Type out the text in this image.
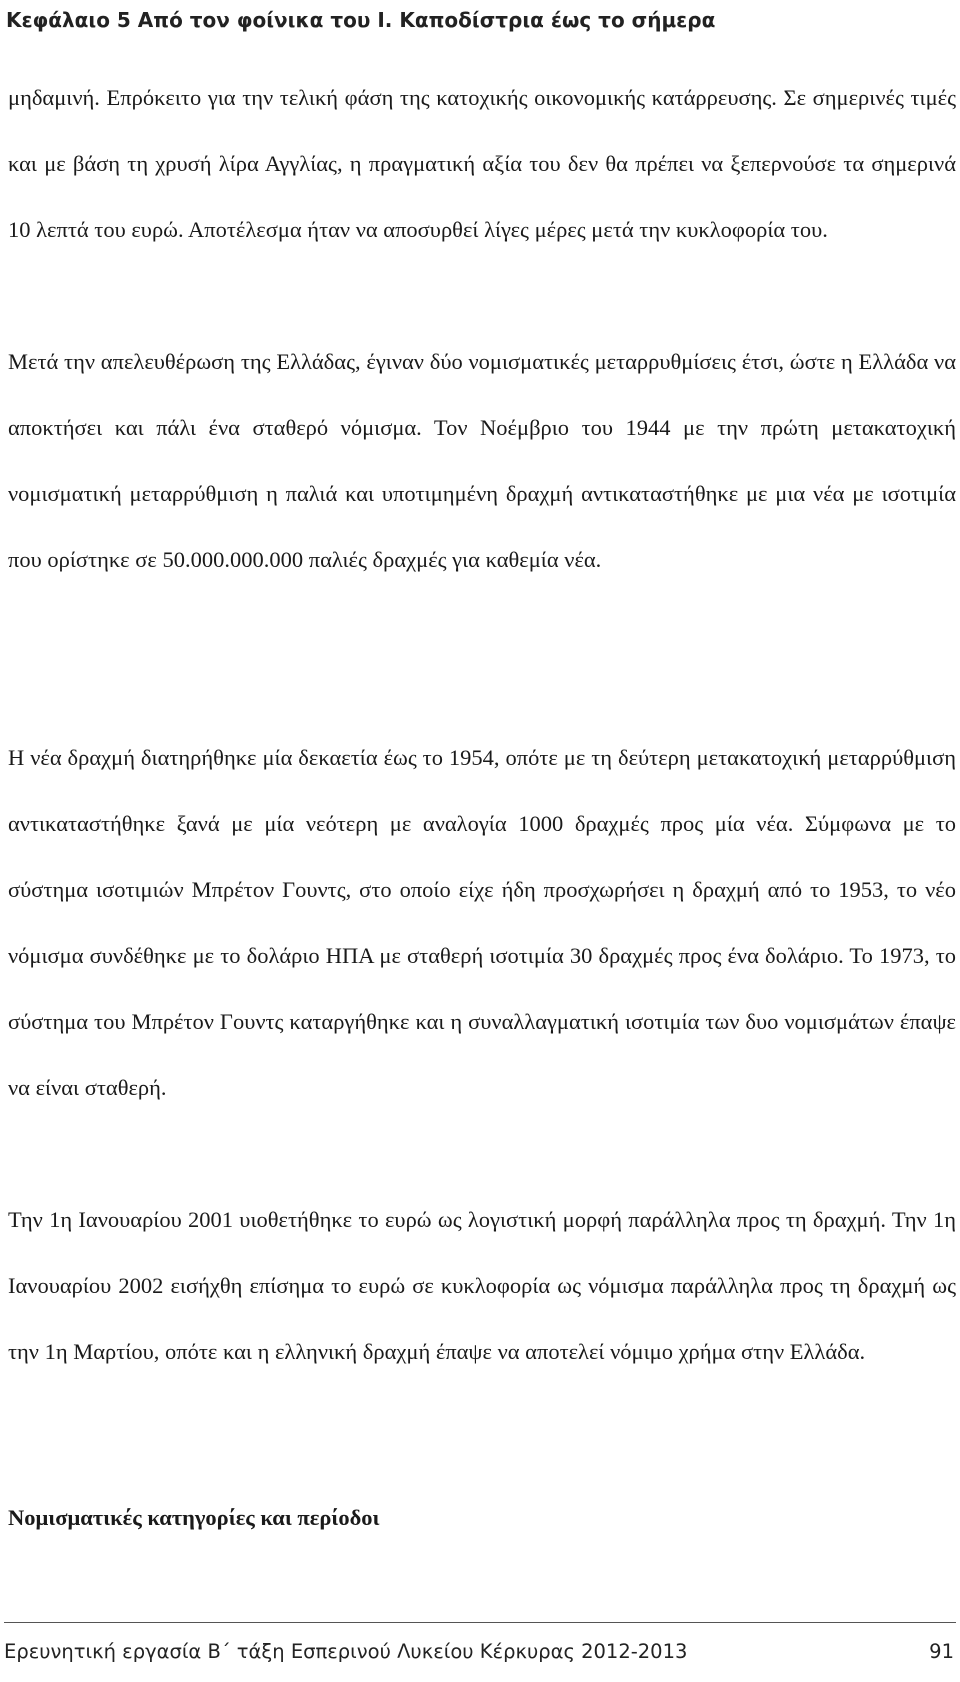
Κεφάλαιο 5 Από τον φοίνικα του Ι. Καποδίστρια έως το σήμερα

μηδαμινή. Επρόκειτο για την τελική φάση της κατοχικής οικονομικής κατάρρευσης. Σε σημερινές τιμές και με βάση τη χρυσή λίρα Αγγλίας, η πραγματική αξία του δεν θα πρέπει να ξεπερνούσε τα σημερινά 10 λεπτά του ευρώ. Αποτέλεσμα ήταν να αποσυρθεί λίγες μέρες μετά την κυκλοφορία του.

Μετά την απελευθέρωση της Ελλάδας, έγιναν δύο νομισματικές μεταρρυθμίσεις έτσι, ώστε η Ελλάδα να αποκτήσει και πάλι ένα σταθερό νόμισμα. Τον Νοέμβριο του 1944 με την πρώτη μετακατοχική νομισματική μεταρρύθμιση η παλιά και υποτιμημένη δραχμή αντικαταστήθηκε με μια νέα με ισοτιμία που ορίστηκε σε 50.000.000.000 παλιές δραχμές για καθεμία νέα.

Η νέα δραχμή διατηρήθηκε μία δεκαετία έως το 1954, οπότε με τη δεύτερη μετακατοχική μεταρρύθμιση αντικαταστήθηκε ξανά με μία νεότερη με αναλογία 1000 δραχμές προς μία νέα. Σύμφωνα με το σύστημα ισοτιμιών Μπρέτον Γουντς, στο οποίο είχε ήδη προσχωρήσει η δραχμή από το 1953, το νέο νόμισμα συνδέθηκε με το δολάριο ΗΠΑ με σταθερή ισοτιμία 30 δραχμές προς ένα δολάριο. Το 1973, το σύστημα του Μπρέτον Γουντς καταργήθηκε και η συναλλαγματική ισοτιμία των δυο νομισμάτων έπαψε να είναι σταθερή.

Την 1η Ιανουαρίου 2001 υιοθετήθηκε το ευρώ ως λογιστική μορφή παράλληλα προς τη δραχμή. Την 1η Ιανουαρίου 2002 εισήχθη επίσημα το ευρώ σε κυκλοφορία ως νόμισμα παράλληλα προς τη δραχμή ως την 1η Μαρτίου, οπότε και η ελληνική δραχμή έπαψε να αποτελεί νόμιμο χρήμα στην Ελλάδα.

Νομισματικές κατηγορίες και περίοδοι
Ερευνητική εργασία Β΄ τάξη Εσπερινού Λυκείου Κέρκυρας 2012-2013	91
